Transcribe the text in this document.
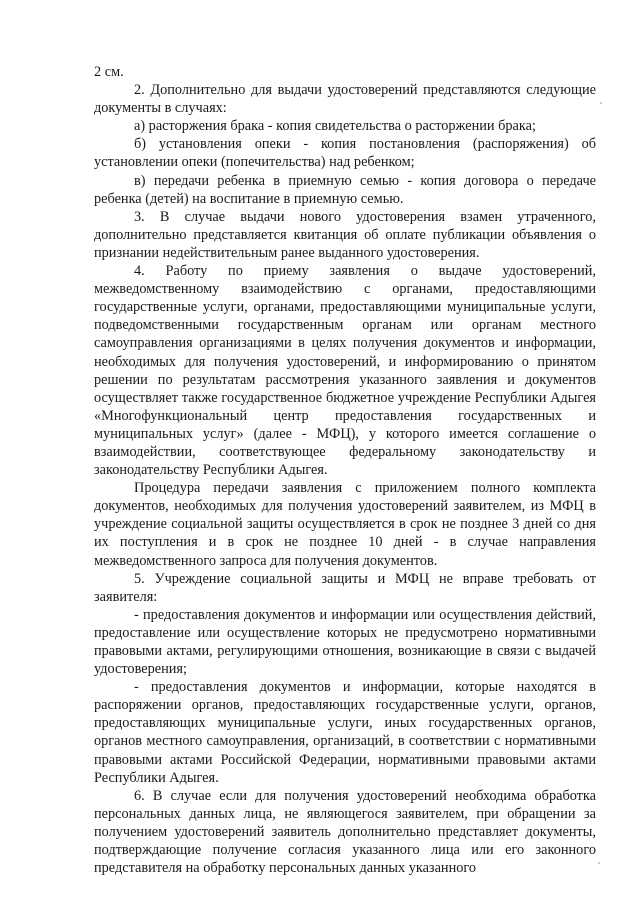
2 см.

2. Дополнительно для выдачи удостоверений представляются следующие документы в случаях:

а) расторжения брака - копия свидетельства о расторжении брака;

б) установления опеки - копия постановления (распоряжения) об установлении опеки (попечительства) над ребенком;

в) передачи ребенка в приемную семью - копия договора о передаче ребенка (детей) на воспитание в приемную семью.

3. В случае выдачи нового удостоверения взамен утраченного, дополнительно представляется квитанция об оплате публикации объявления о признании недействительным ранее выданного удостоверения.

4. Работу по приему заявления о выдаче удостоверений, межведомственному взаимодействию с органами, предоставляющими государственные услуги, органами, предоставляющими муниципальные услуги, подведомственными государственным органам или органам местного самоуправления организациями в целях получения документов и информации, необходимых для получения удостоверений, и информированию о принятом решении по результатам рассмотрения указанного заявления и документов осуществляет также государственное бюджетное учреждение Республики Адыгея «Многофункциональный центр предоставления государственных и муниципальных услуг» (далее - МФЦ), у которого имеется соглашение о взаимодействии, соответствующее федеральному законодательству и законодательству Республики Адыгея.

Процедура передачи заявления с приложением полного комплекта документов, необходимых для получения удостоверений заявителем, из МФЦ в учреждение социальной защиты осуществляется в срок не позднее 3 дней со дня их поступления и в срок не позднее 10 дней - в случае направления межведомственного запроса для получения документов.

5. Учреждение социальной защиты и МФЦ не вправе требовать от заявителя:

- предоставления документов и информации или осуществления действий, предоставление или осуществление которых не предусмотрено нормативными правовыми актами, регулирующими отношения, возникающие в связи с выдачей удостоверения;

- предоставления документов и информации, которые находятся в распоряжении органов, предоставляющих государственные услуги, органов, предоставляющих муниципальные услуги, иных государственных органов, органов местного самоуправления, организаций, в соответствии с нормативными правовыми актами Российской Федерации, нормативными правовыми актами Республики Адыгея.

6. В случае если для получения удостоверений необходима обработка персональных данных лица, не являющегося заявителем, при обращении за получением удостоверений заявитель дополнительно представляет документы, подтверждающие получение согласия указанного лица или его законного представителя на обработку персональных данных указанного
